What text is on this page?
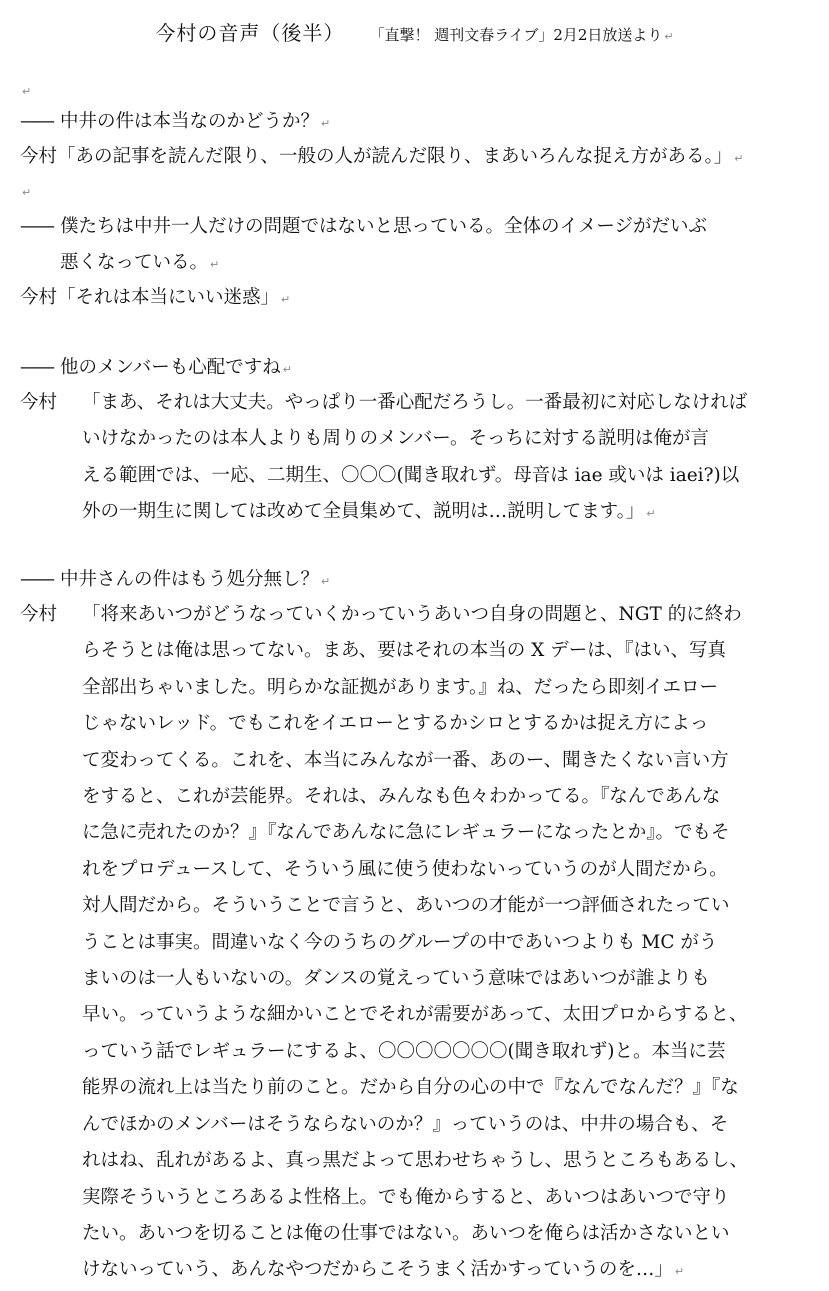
今村の音声（後半） 「直撃！ 週刊文春ライブ」2月2日放送より ↵
↵
—— 中井の件は本当なのかどうか？ ↵
今村「あの記事を読んだ限り、一般の人が読んだ限り、まあいろんな捉え方がある。」 ↵
↵
—— 僕たちは中井一人だけの問題ではないと思っている。全体のイメージがだいぶ
悪くなっている。 ↵
今村「それは本当にいい迷惑」 ↵
—— 他のメンバーも心配ですね ↵
今村	「まあ、それは大丈夫。やっぱり一番心配だろうし。一番最初に対応しなければ
いけなかったのは本人よりも周りのメンバー。そっちに対する説明は俺が言
える範囲では、一応、二期生、〇〇〇(聞き取れず。母音は iae 或いは iaei?)以
外の一期生に関しては改めて全員集めて、説明は…説明してます。」 ↵
—— 中井さんの件はもう処分無し？ ↵
今村	「将来あいつがどうなっていくかっていうあいつ自身の問題と、NGT 的に終わ
らそうとは俺は思ってない。まあ、要はそれの本当の X デーは、『はい、写真
全部出ちゃいました。明らかな証拠があります。』ね、だったら即刻イエロー
じゃないレッド。でもこれをイエローとするかシロとするかは捉え方によっ
て変わってくる。これを、本当にみんなが一番、あのー、聞きたくない言い方
をすると、これが芸能界。それは、みんなも色々わかってる。『なんであんな
に急に売れたのか？』『なんであんなに急にレギュラーになったとか』。でもそ
れをプロデュースして、そういう風に使う使わないっていうのが人間だから。
対人間だから。そういうことで言うと、あいつの才能が一つ評価されたってい
うことは事実。間違いなく今のうちのグループの中であいつよりも MC がう
まいのは一人もいないの。ダンスの覚えっていう意味ではあいつが誰よりも
早い。っていうような細かいことでそれが需要があって、太田プロからすると、
っていう話でレギュラーにするよ、〇〇〇〇〇〇〇(聞き取れず)と。本当に芸
能界の流れ上は当たり前のこと。だから自分の心の中で『なんでなんだ？』『な
んでほかのメンバーはそうならないのか？』っていうのは、中井の場合も、そ
れはね、乱れがあるよ、真っ黒だよって思わせちゃうし、思うところもあるし、
実際そういうところあるよ性格上。でも俺からすると、あいつはあいつで守り
たい。あいつを切ることは俺の仕事ではない。あいつを俺らは活かさないとい
けないっていう、あんなやつだからこそうまく活かすっていうのを…」 ↵
